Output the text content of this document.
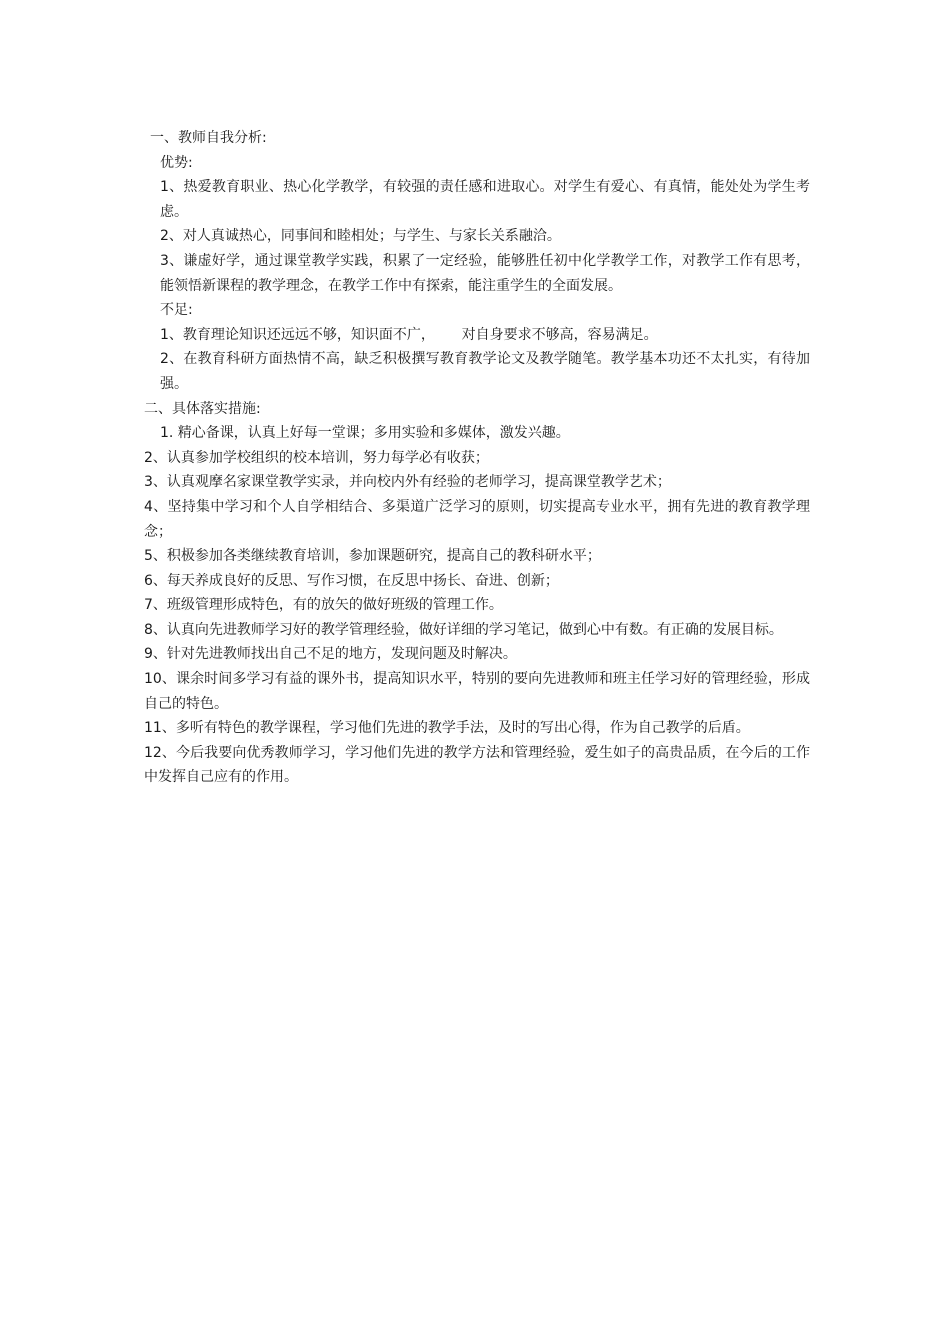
一、教师自我分析:
优势:
1、热爱教育职业、热心化学教学，有较强的责任感和进取心。对学生有爱心、有真情，能处处为学生考虑。
2、对人真诚热心，同事间和睦相处；与学生、与家长关系融洽。
3、谦虚好学，通过课堂教学实践，积累了一定经验，能够胜任初中化学教学工作，对教学工作有思考，能领悟新课程的教学理念，在教学工作中有探索，能注重学生的全面发展。
不足:
1、教育理论知识还远远不够，知识面不广，      对自身要求不够高，容易满足。
2、在教育科研方面热情不高，缺乏积极撰写教育教学论文及教学随笔。教学基本功还不太扎实，有待加强。
二、具体落实措施:
1. 精心备课，认真上好每一堂课；多用实验和多媒体，激发兴趣。
2、认真参加学校组织的校本培训，努力每学必有收获；
3、认真观摩名家课堂教学实录，并向校内外有经验的老师学习，提高课堂教学艺术；
4、坚持集中学习和个人自学相结合、多渠道广泛学习的原则，切实提高专业水平，拥有先进的教育教学理念；
5、积极参加各类继续教育培训，参加课题研究，提高自己的教科研水平；
6、每天养成良好的反思、写作习惯，在反思中扬长、奋进、创新；
7、班级管理形成特色，有的放矢的做好班级的管理工作。
8、认真向先进教师学习好的教学管理经验，做好详细的学习笔记，做到心中有数。有正确的发展目标。
9、针对先进教师找出自己不足的地方，发现问题及时解决。
10、课余时间多学习有益的课外书，提高知识水平，特别的要向先进教师和班主任学习好的管理经验，形成自己的特色。
11、多听有特色的教学课程，学习他们先进的教学手法，及时的写出心得，作为自己教学的后盾。
12、今后我要向优秀教师学习，学习他们先进的教学方法和管理经验，爱生如子的高贵品质，在今后的工作中发挥自己应有的作用。
